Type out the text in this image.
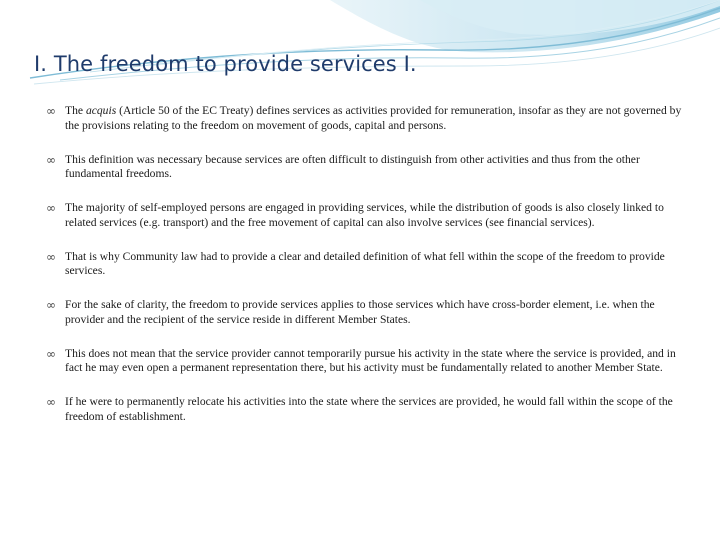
I. The freedom to provide services I.
∞ The acquis (Article 50 of the EC Treaty) defines services as activities provided for remuneration, insofar as they are not governed by the provisions relating to the freedom on movement of goods, capital and persons.
∞ This definition was necessary because services are often difficult to distinguish from other activities and thus from the other fundamental freedoms.
∞ The majority of self-employed persons are engaged in providing services, while the distribution of goods is also closely linked to related services (e.g. transport) and the free movement of capital can also involve services (see financial services).
∞ That is why Community law had to provide a clear and detailed definition of what fell within the scope of the freedom to provide services.
∞ For the sake of clarity, the freedom to provide services applies to those services which have cross-border element, i.e. when the provider and the recipient of the service reside in different Member States.
∞ This does not mean that the service provider cannot temporarily pursue his activity in the state where the service is provided, and in fact he may even open a permanent representation there, but his activity must be fundamentally related to another Member State.
∞ If he were to permanently relocate his activities into the state where the services are provided, he would fall within the scope of the freedom of establishment.
